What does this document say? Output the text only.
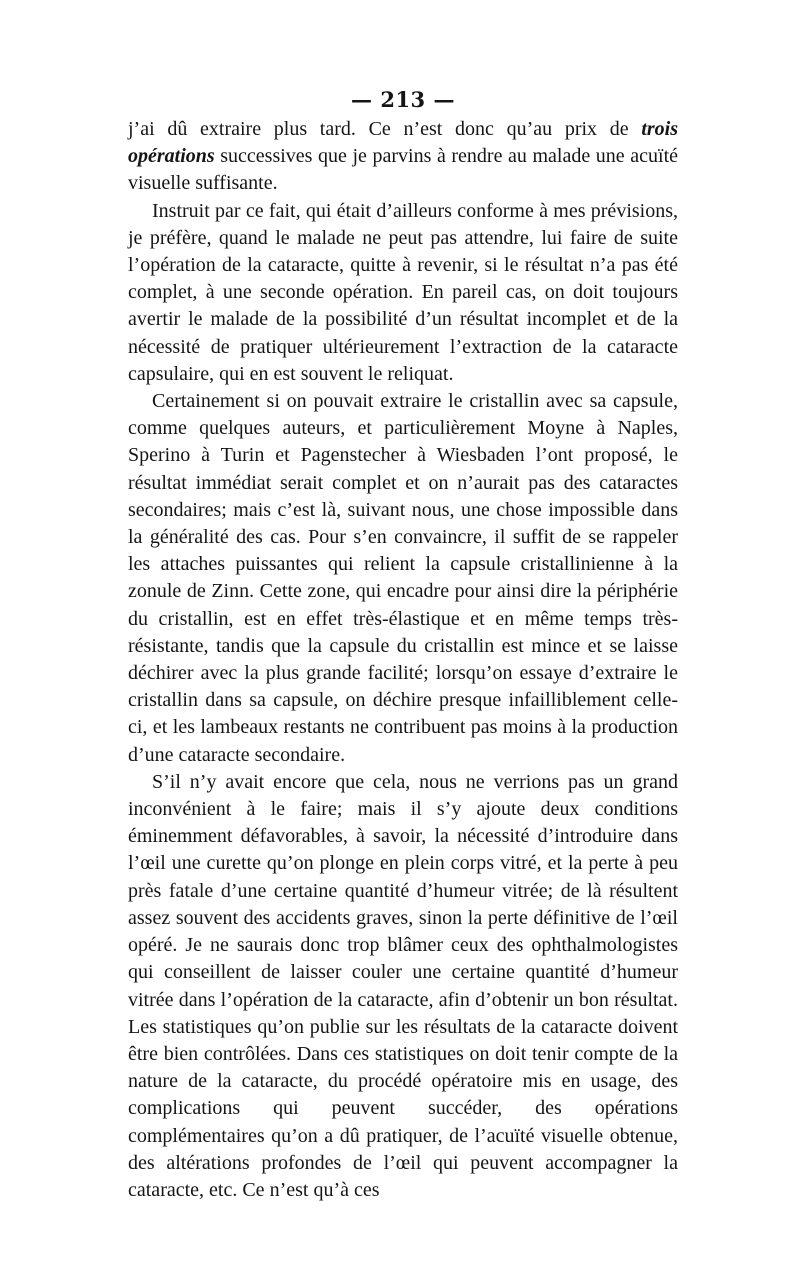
— 213 —

j’ai dû extraire plus tard. Ce n’est donc qu’au prix de trois opérations successives que je parvins à rendre au malade une acuïté visuelle suffisante.

Instruit par ce fait, qui était d’ailleurs conforme à mes prévisions, je préfère, quand le malade ne peut pas attendre, lui faire de suite l’opération de la cataracte, quitte à revenir, si le résultat n’a pas été complet, à une seconde opération. En pareil cas, on doit toujours avertir le malade de la possibilité d’un résultat incomplet et de la nécessité de pratiquer ultérieurement l’extraction de la cataracte capsulaire, qui en est souvent le reliquat.

Certainement si on pouvait extraire le cristallin avec sa capsule, comme quelques auteurs, et particulièrement Moyne à Naples, Sperino à Turin et Pagenstecher à Wiesbaden l’ont proposé, le résultat immédiat serait complet et on n’aurait pas des cataractes secondaires; mais c’est là, suivant nous, une chose impossible dans la généralité des cas. Pour s’en convaincre, il suffit de se rappeler les attaches puissantes qui relient la capsule cristallinienne à la zonule de Zinn. Cette zone, qui encadre pour ainsi dire la périphérie du cristallin, est en effet très-élastique et en même temps très-résistante, tandis que la capsule du cristallin est mince et se laisse déchirer avec la plus grande facilité; lorsqu’on essaye d’extraire le cristallin dans sa capsule, on déchire presque infailliblement celle-ci, et les lambeaux restants ne contribuent pas moins à la production d’une cataracte secondaire.

S’il n’y avait encore que cela, nous ne verrions pas un grand inconvénient à le faire; mais il s’y ajoute deux conditions éminemment défavorables, à savoir, la nécessité d’introduire dans l’œil une curette qu’on plonge en plein corps vitré, et la perte à peu près fatale d’une certaine quantité d’humeur vitrée; de là résultent assez souvent des accidents graves, sinon la perte définitive de l’œil opéré. Je ne saurais donc trop blâmer ceux des ophthalmologistes qui conseillent de laisser couler une certaine quantité d’humeur vitrée dans l’opération de la cataracte, afin d’obtenir un bon résultat. Les statistiques qu’on publie sur les résultats de la cataracte doivent être bien contrôlées. Dans ces statistiques on doit tenir compte de la nature de la cataracte, du procédé opératoire mis en usage, des complications qui peuvent succéder, des opérations complémentaires qu’on a dû pratiquer, de l’acuïté visuelle obtenue, des altérations profondes de l’œil qui peuvent accompagner la cataracte, etc. Ce n’est qu’à ces
